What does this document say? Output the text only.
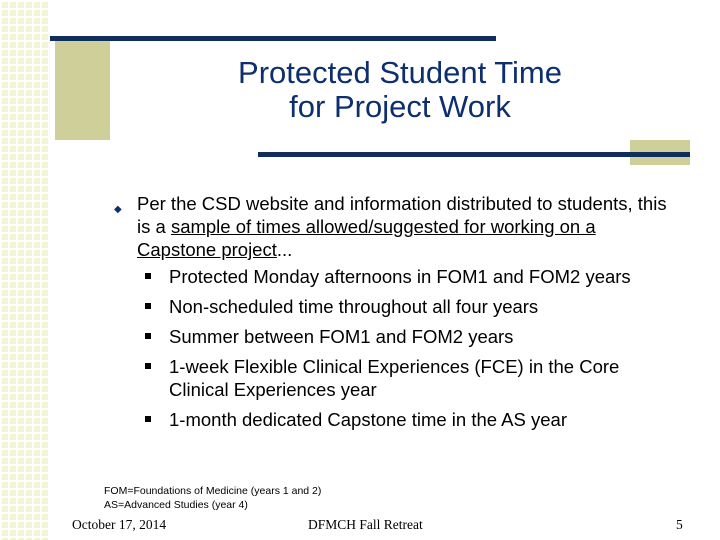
Protected Student Time
for Project Work
◆ Per the CSD website and information distributed to students, this is a sample of times allowed/suggested for working on a Capstone project...
Protected Monday afternoons in FOM1 and FOM2 years
Non-scheduled time throughout all four years
Summer between FOM1 and FOM2 years
1-week Flexible Clinical Experiences (FCE) in the Core Clinical Experiences year
1-month dedicated Capstone time in the AS year
FOM=Foundations of Medicine (years 1 and 2)
AS=Advanced Studies (year 4)
October 17, 2014	DFMCH Fall Retreat	5
